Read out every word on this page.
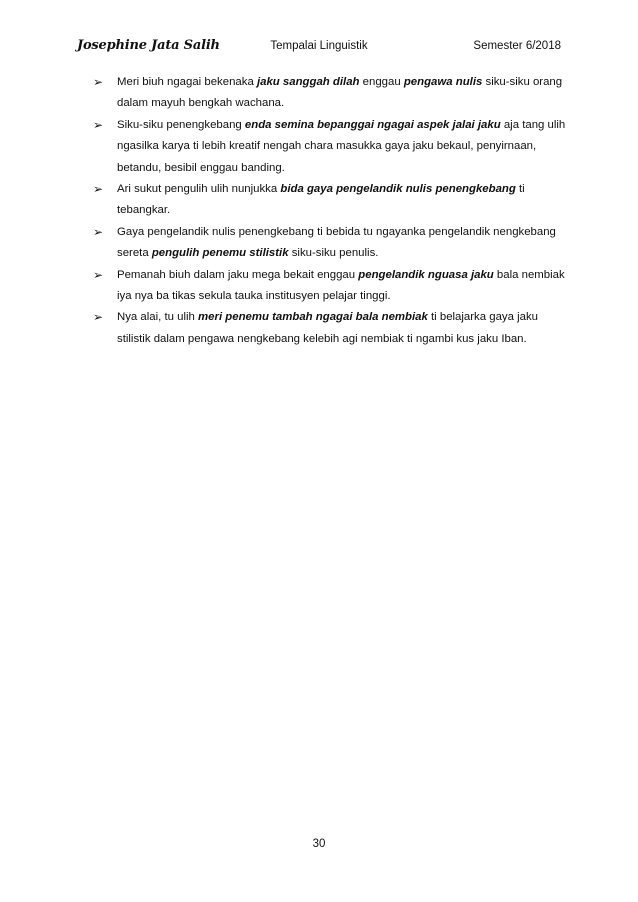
Josephine Jata Salih	Tempalai Linguistik	Semester 6/2018

➢ Meri biuh ngagai bekenaka jaku sanggah dilah enggau pengawa nulis siku-siku orang dalam mayuh bengkah wachana.

➢ Siku-siku penengkebang enda semina bepanggai ngagai aspek jalai jaku aja tang ulih ngasilka karya ti lebih kreatif nengah chara masukka gaya jaku bekaul, penyirnaan, betandu, besibil enggau banding.

➢ Ari sukut pengulih ulih nunjukka bida gaya pengelandik nulis penengkebang ti tebangkar.

➢ Gaya pengelandik nulis penengkebang ti bebida tu ngayanka pengelandik nengkebang sereta pengulih penemu stilistik siku-siku penulis.

➢ Pemanah biuh dalam jaku mega bekait enggau pengelandik nguasa jaku bala nembiak iya nya ba tikas sekula tauka institusyen pelajar tinggi.

➢ Nya alai, tu ulih meri penemu tambah ngagai bala nembiak ti belajarka gaya jaku stilistik dalam pengawa nengkebang kelebih agi nembiak ti ngambi kus jaku Iban.

30
